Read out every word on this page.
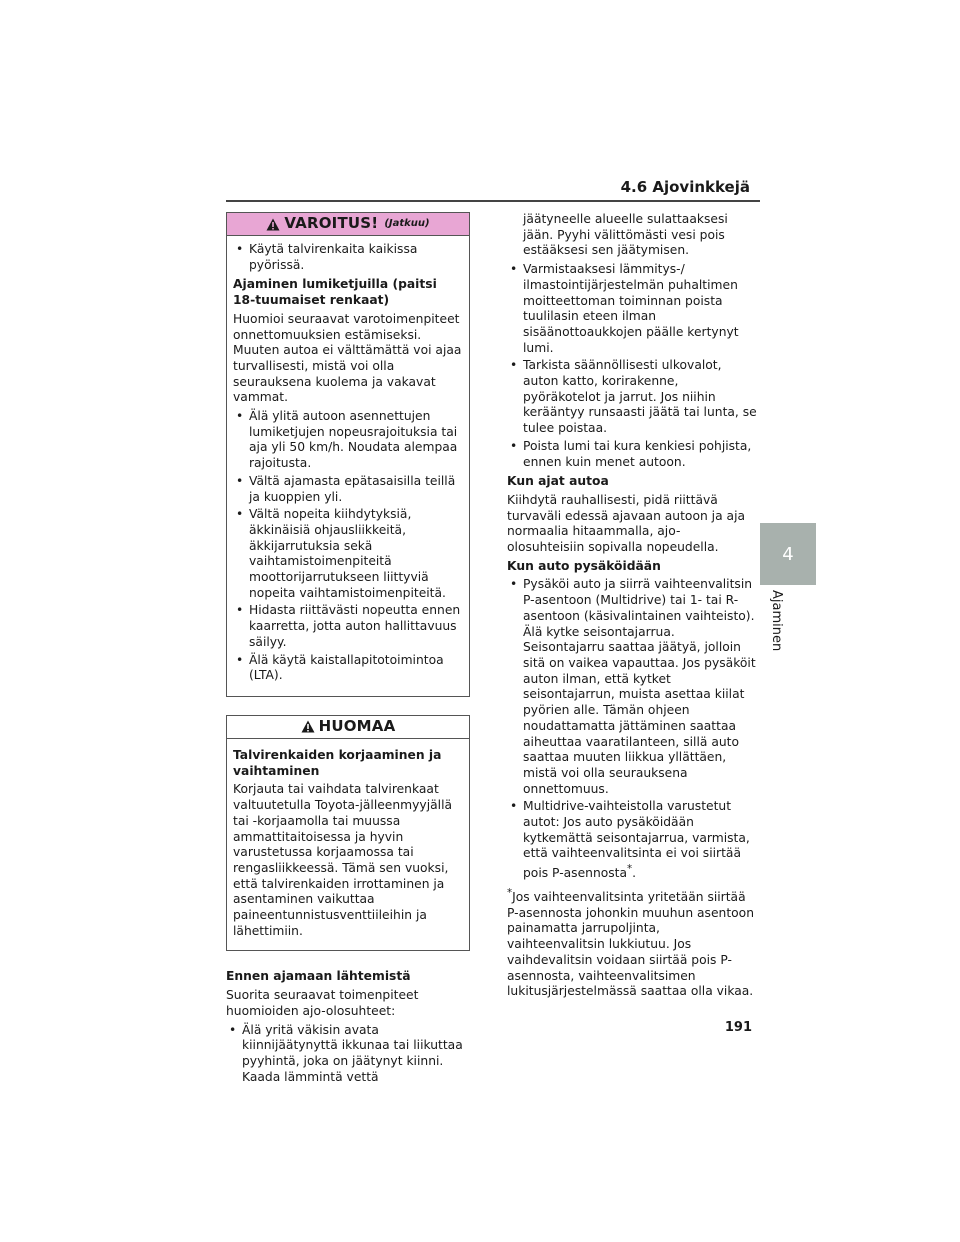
4.6 Ajovinkkejä
4
Ajaminen
VAROITUS! (Jatkuu)
• Käytä talvirenkaita kaikissa pyörissä.

Ajaminen lumiketjuilla (paitsi 18-tuumaiset renkaat)

Huomioi seuraavat varotoimenpiteet onnettomuuksien estämiseksi. Muuten autoa ei välttämättä voi ajaa turvallisesti, mistä voi olla seurauksena kuolema ja vakavat vammat.

• Älä ylitä autoon asennettujen lumiketjujen nopeusrajoituksia tai aja yli 50 km/h. Noudata alempaa rajoitusta.
• Vältä ajamasta epätasaisilla teillä ja kuoppien yli.
• Vältä nopeita kiihdytyksiä, äkkinäisiä ohjausliikkeitä, äkkijarrutuksia sekä vaihtamistoimenpiteitä moottorijarrutukseen liittyviä nopeita vaihtamistoimenpiteitä.
• Hidasta riittävästi nopeutta ennen kaarretta, jotta auton hallittavuus säilyy.
• Älä käytä kaistallapitotoimintoa (LTA).
HUOMAA

Talvirenkaiden korjaaminen ja vaihtaminen

Korjauta tai vaihdata talvirenkaat valtuutetulla Toyota-jälleenmyyjällä tai -korjaamolla tai muussa ammattitaitoisessa ja hyvin varustetussa korjaamossa tai rengasliikkeessä. Tämä sen vuoksi, että talvirenkaiden irrottaminen ja asentaminen vaikuttaa paineentunnistusventtiileihin ja lähettimiin.

Ennen ajamaan lähtemistä

Suorita seuraavat toimenpiteet huomioiden ajo-olosuhteet:

• Älä yritä väkisin avata kiinnijäätynyttä ikkunaa tai liikuttaa pyyhintä, joka on jäätynyt kiinni. Kaada lämmintä vettä

jäätyneelle alueelle sulattaaksesi jään. Pyyhi välittömästi vesi pois estääksesi sen jäätymisen.

• Varmistaaksesi lämmitys-/ ilmastointijärjestelmän puhaltimen moitteettoman toiminnan poista tuulilasin eteen ilman sisäänottoaukkojen päälle kertynyt lumi.
• Tarkista säännöllisesti ulkovalot, auton katto, korirakenne, pyöräkotelot ja jarrut. Jos niihin kerääntyy runsaasti jäätä tai lunta, se tulee poistaa.
• Poista lumi tai kura kenkiesi pohjista, ennen kuin menet autoon.

Kun ajat autoa

Kiihdytä rauhallisesti, pidä riittävä turvaväli edessä ajavaan autoon ja aja normaalia hitaammalla, ajo-olosuhteisiin sopivalla nopeudella.

Kun auto pysäköidään

• Pysäköi auto ja siirrä vaihteenvalitsin P-asentoon (Multidrive) tai 1- tai R-asentoon (käsivalintainen vaihteisto). Älä kytke seisontajarrua. Seisontajarru saattaa jäätyä, jolloin sitä on vaikea vapauttaa. Jos pysäköit auton ilman, että kytket seisontajarrun, muista asettaa kiilat pyörien alle. Tämän ohjeen noudattamatta jättäminen saattaa aiheuttaa vaaratilanteen, sillä auto saattaa muuten liikkua yllättäen, mistä voi olla seurauksena onnettomuus.
• Multidrive-vaihteistolla varustetut autot: Jos auto pysäköidään kytkemättä seisontajarrua, varmista, että vaihteenvalitsinta ei voi siirtää pois P-asennosta*.

*Jos vaihteenvalitsinta yritetään siirtää P-asennosta johonkin muuhun asentoon painamatta jarrupoljinta, vaihteenvalitsin lukkiutuu. Jos vaihdevalitsin voidaan siirtää pois P-asennosta, vaihteenvalitsimen lukitusjärjestelmässä saattaa olla vikaa.

191
